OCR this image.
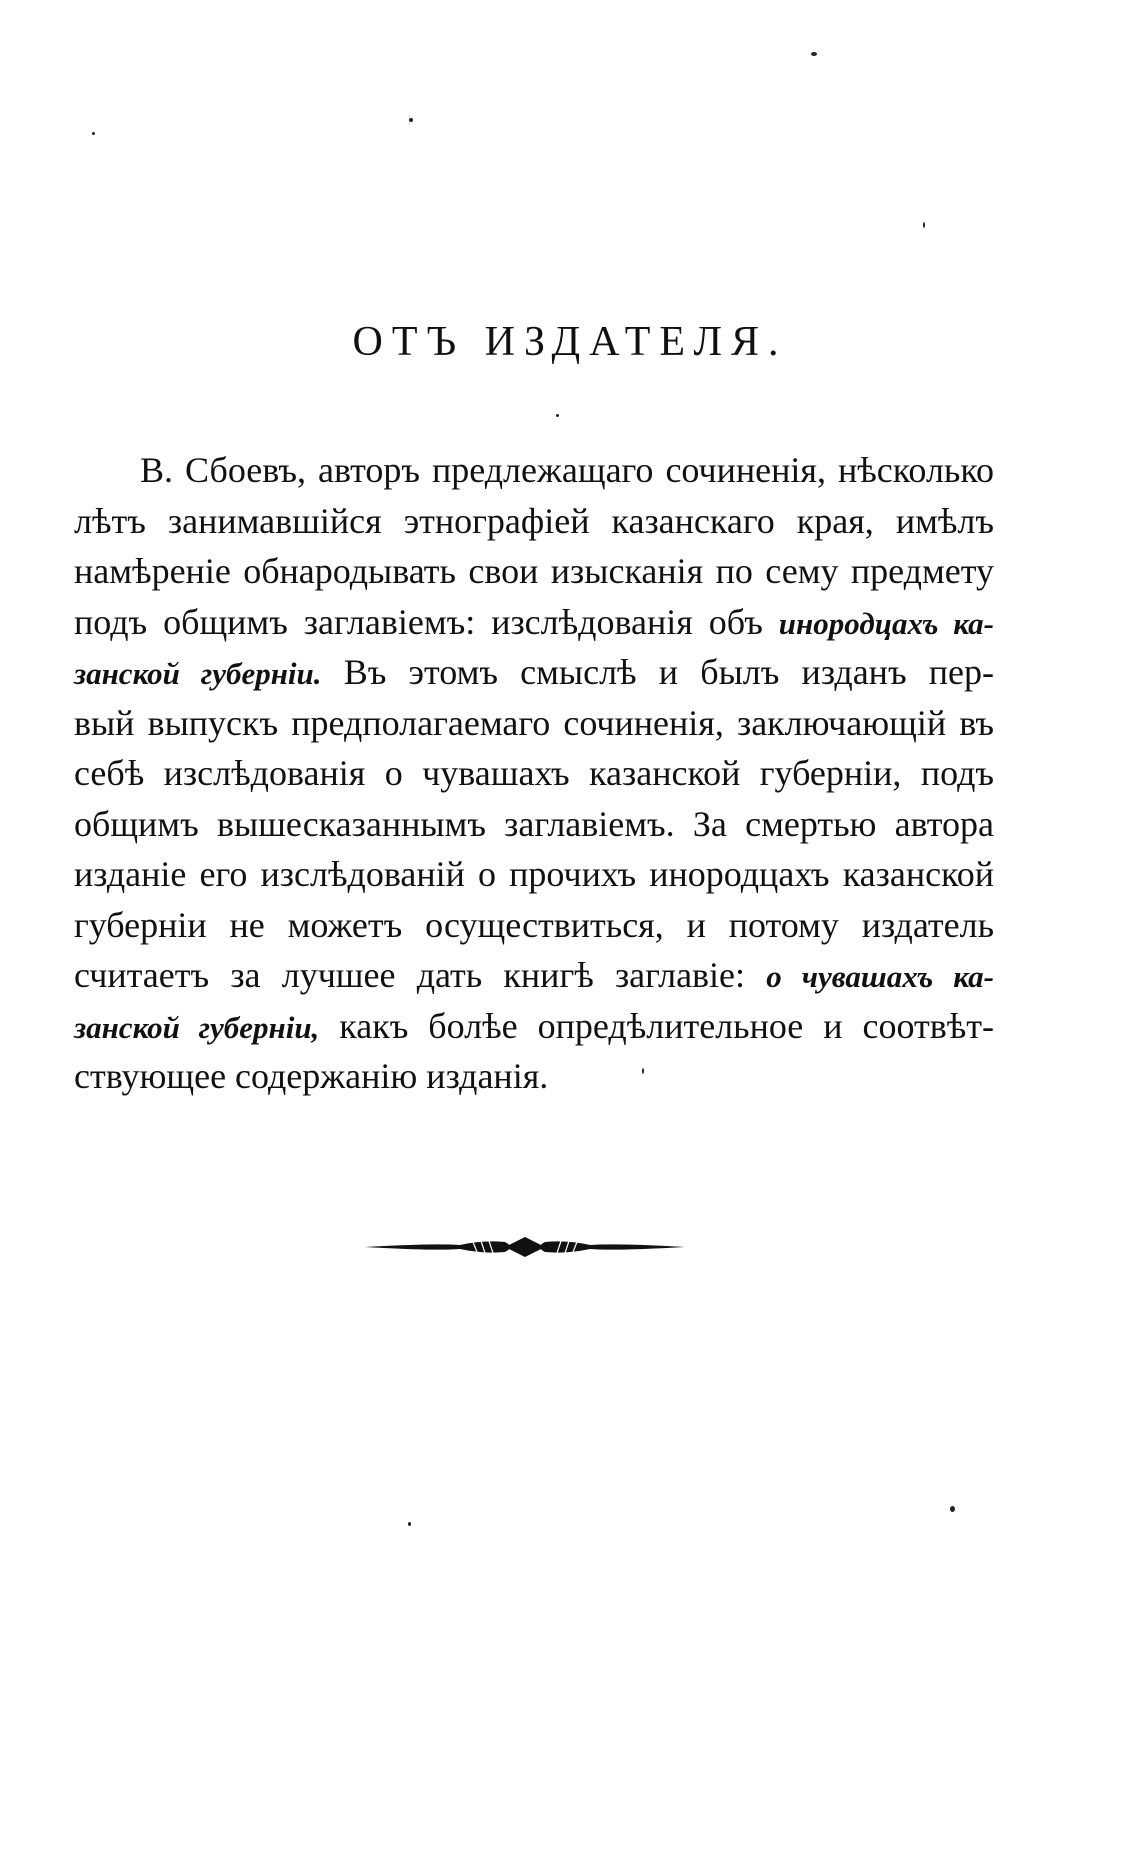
ОТЪ ИЗДАТЕЛЯ.
В. Сбоевъ, авторъ предлежащаго сочиненія, нѣсколько
лѣтъ занимавшійся этнографіей казанскаго края, имѣлъ
намѣреніе обнародывать свои изысканія по сему предмету
подъ общимъ заглавіемъ: изслѣдованія объ инородцахъ ка-
занской губерніи. Въ этомъ смыслѣ и былъ изданъ пер-
вый выпускъ предполагаемаго сочиненія, заключающій въ
себѣ изслѣдованія о чувашахъ казанской губерніи, подъ
общимъ вышесказаннымъ заглавіемъ. За смертью автора
изданіе его изслѣдованій о прочихъ инородцахъ казанской
губерніи не можетъ осуществиться, и потому издатель
считаетъ за лучшее дать книгѣ заглавіе: о чувашахъ ка-
занской губерніи, какъ болѣе опредѣлительное и соотвѣт-
ствующее содержанію изданія.
